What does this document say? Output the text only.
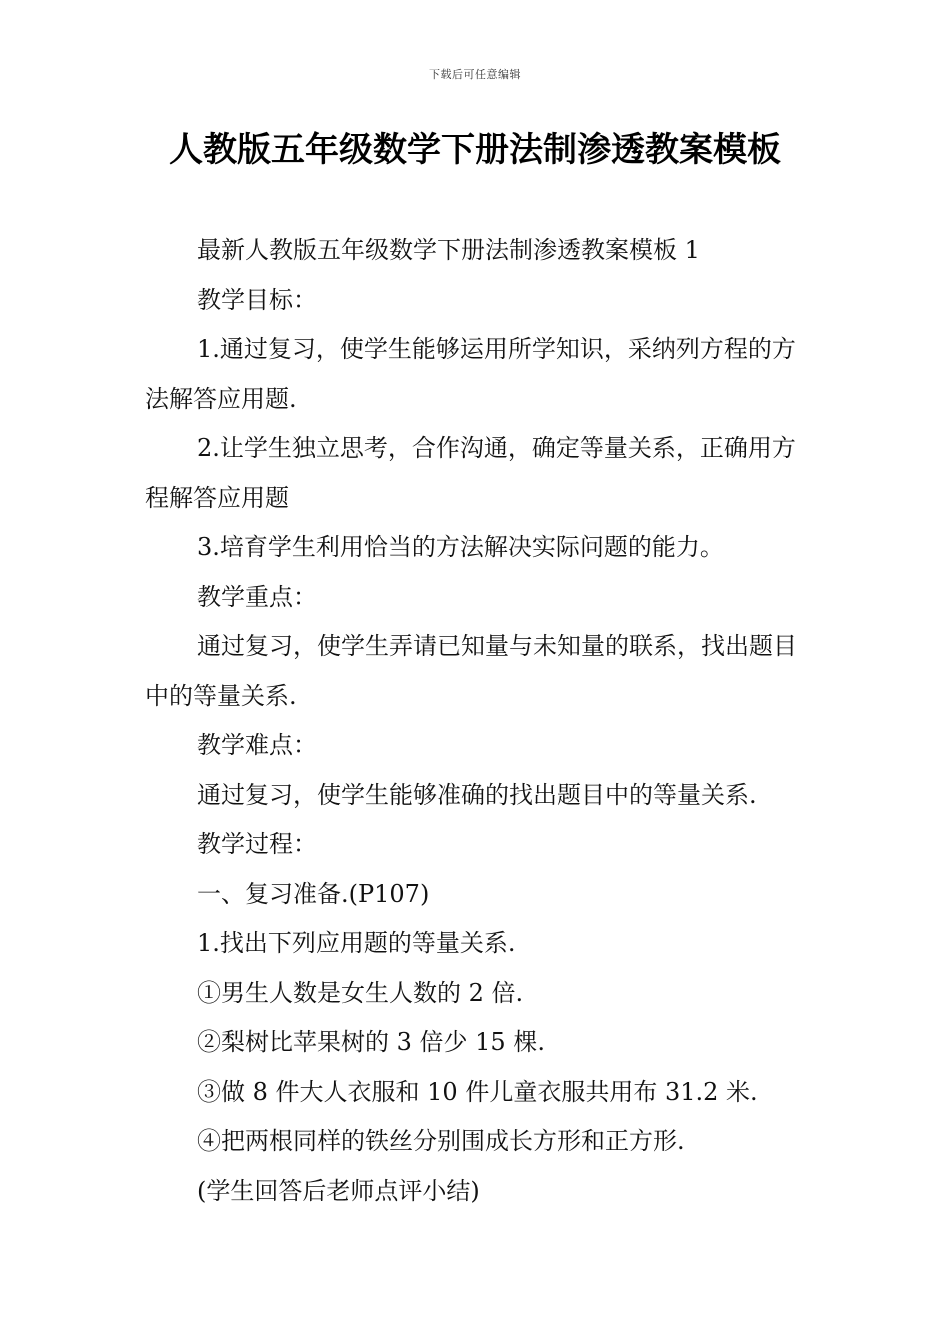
下载后可任意编辑
人教版五年级数学下册法制渗透教案模板

最新人教版五年级数学下册法制渗透教案模板 1

教学目标：

1.通过复习，使学生能够运用所学知识，采纳列方程的方法解答应用题.

2.让学生独立思考，合作沟通，确定等量关系，正确用方程解答应用题

3.培育学生利用恰当的方法解决实际问题的能力。

教学重点：

通过复习，使学生弄请已知量与未知量的联系，找出题目中的等量关系.

教学难点：

通过复习，使学生能够准确的找出题目中的等量关系.

教学过程：

一、复习准备.(P107)

1.找出下列应用题的等量关系.

①男生人数是女生人数的 2 倍.

②梨树比苹果树的 3 倍少 15 棵.

③做 8 件大人衣服和 10 件儿童衣服共用布 31.2 米.

④把两根同样的铁丝分别围成长方形和正方形.

(学生回答后老师点评小结)
